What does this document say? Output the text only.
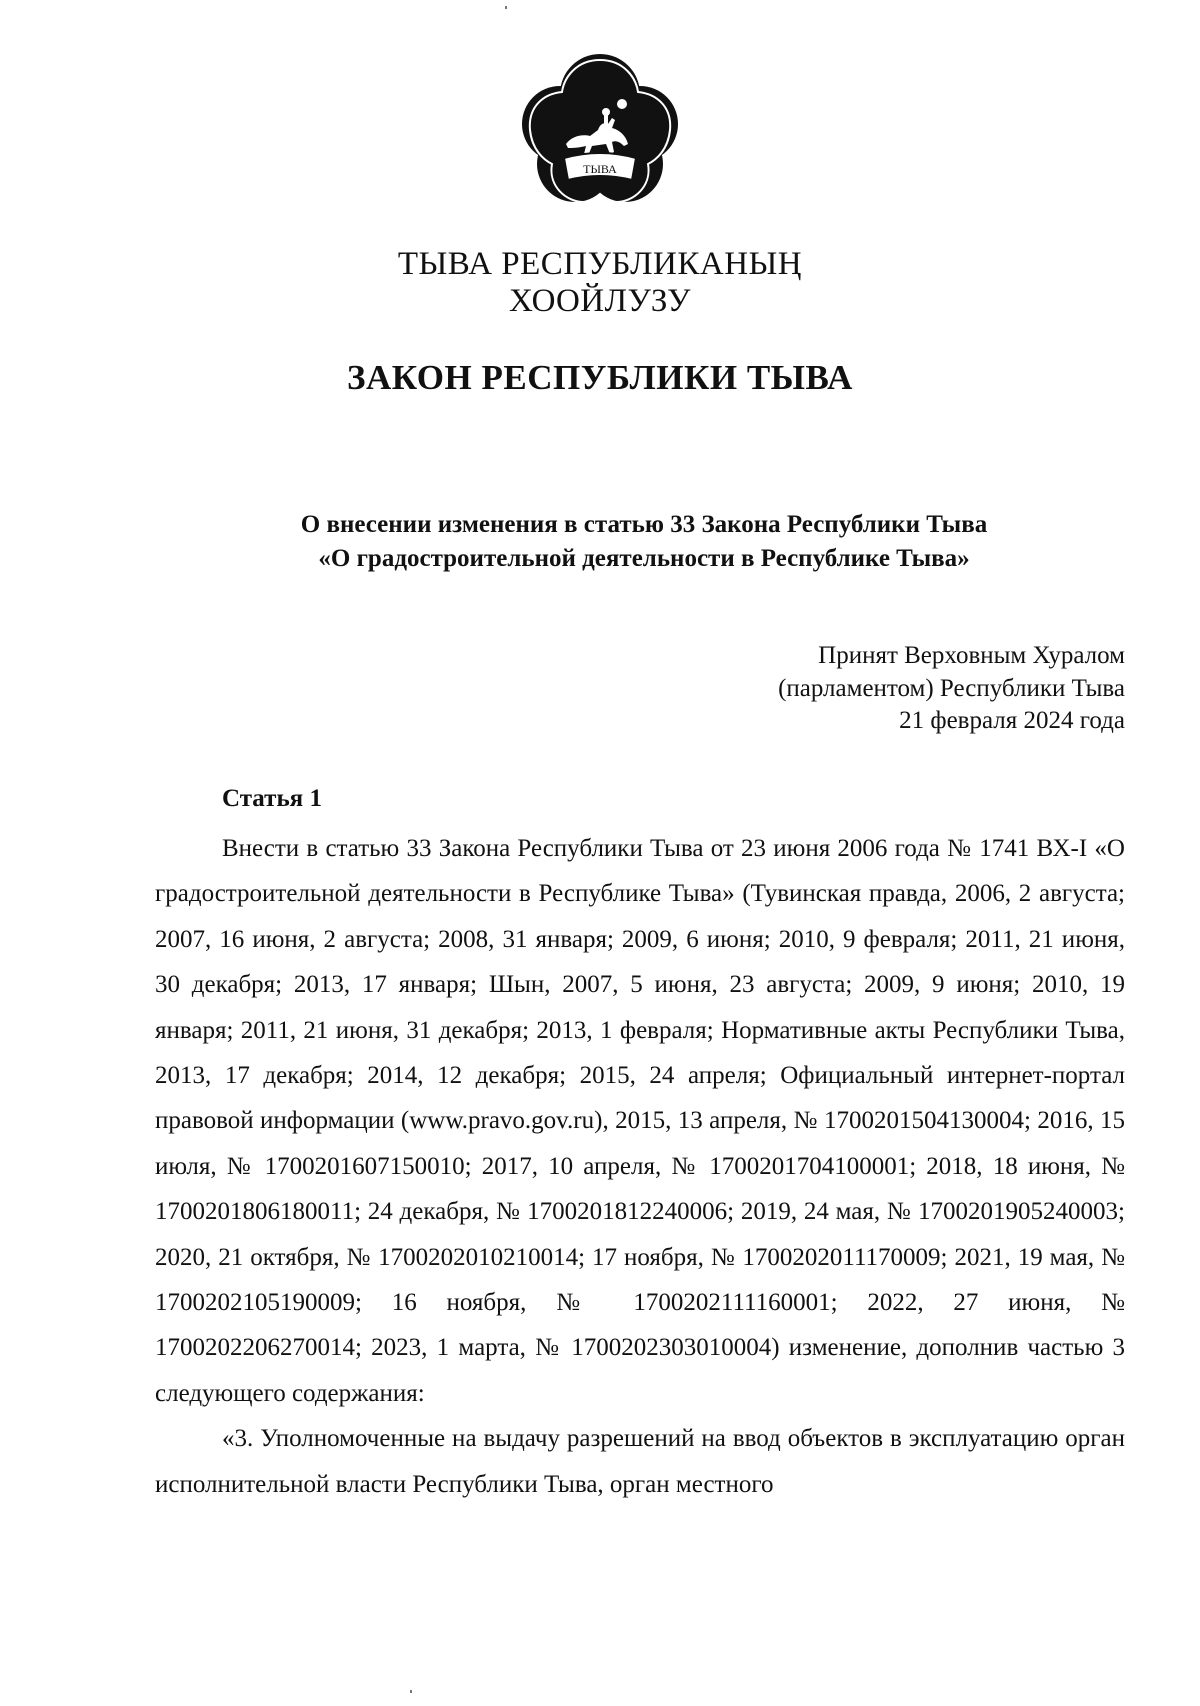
ТЫВА
ТЫВА РЕСПУБЛИКАНЫҢ
ХООЙЛУЗУ
ЗАКОН РЕСПУБЛИКИ ТЫВА
О внесении изменения в статью 33 Закона Республики Тыва
«О градостроительной деятельности в Республике Тыва»
Принят Верховным Хуралом
(парламентом) Республики Тыва
21 февраля 2024 года
Статья 1

Внести в статью 33 Закона Республики Тыва от 23 июня 2006 года № 1741 ВХ-I «О градостроительной деятельности в Республике Тыва» (Тувинская правда, 2006, 2 августа; 2007, 16 июня, 2 августа; 2008, 31 января; 2009, 6 июня; 2010, 9 февраля; 2011, 21 июня, 30 декабря; 2013, 17 января; Шын, 2007, 5 июня, 23 августа; 2009, 9 июня; 2010, 19 января; 2011, 21 июня, 31 декабря; 2013, 1 февраля; Нормативные акты Республики Тыва, 2013, 17 декабря; 2014, 12 декабря; 2015, 24 апреля; Официальный интернет-портал правовой информации (www.pravo.gov.ru), 2015, 13 апреля, № 1700201504130004; 2016, 15 июля, № 1700201607150010; 2017, 10 апреля, № 1700201704100001; 2018, 18 июня, № 1700201806180011; 24 декабря, № 1700201812240006; 2019, 24 мая, № 1700201905240003; 2020, 21 октября, № 1700202010210014; 17 ноября, № 1700202011170009; 2021, 19 мая, № 1700202105190009; 16 ноября, № 1700202111160001; 2022, 27 июня, № 1700202206270014; 2023, 1 марта, № 1700202303010004) изменение, дополнив частью 3 следующего содержания:

«3. Уполномоченные на выдачу разрешений на ввод объектов в эксплуатацию орган исполнительной власти Республики Тыва, орган местного
